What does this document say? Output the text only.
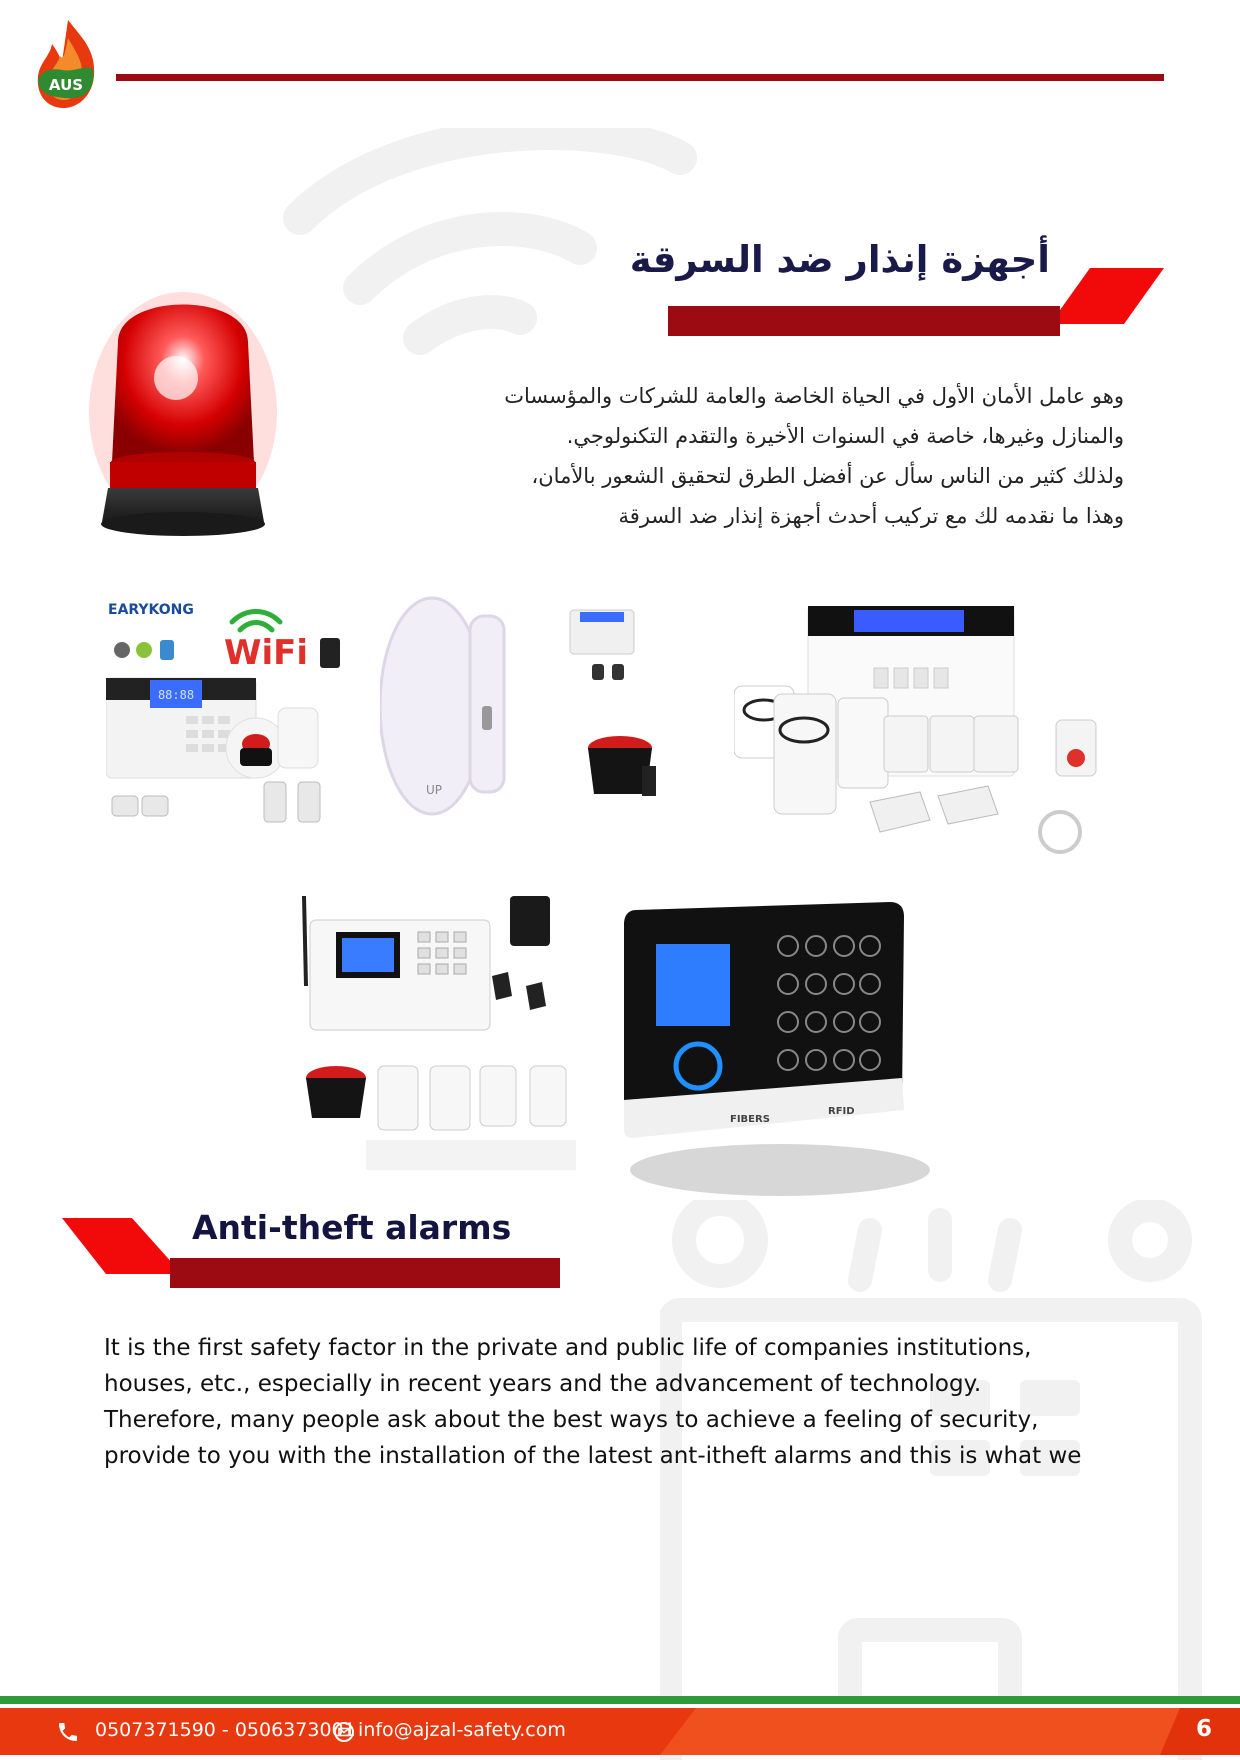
AUS
أجهزة إنذار ضد السرقة

وهو عامل الأمان الأول في الحياة الخاصة والعامة للشركات والمؤسسات

والمنازل وغيرها، خاصة في السنوات الأخيرة والتقدم التكنولوجي.

ولذلك كثير من الناس سأل عن أفضل الطرق لتحقيق الشعور بالأمان،

وهذا ما نقدمه لك مع تركيب أحدث أجهزة إنذار ضد السرقة

EARYKONG
WiFi
88:88
UP
FIBERS
RFID
Anti-theft alarms

It is the first safety factor in the private and public life of companies institutions,

houses, etc., especially in recent years and the advancement of technology.

Therefore, many people ask about the best ways to achieve a feeling of security,

provide to you with the installation of the latest ant-itheft alarms and this is what we

0507371590 - 0506373001 info@ajzal-safety.com	6
